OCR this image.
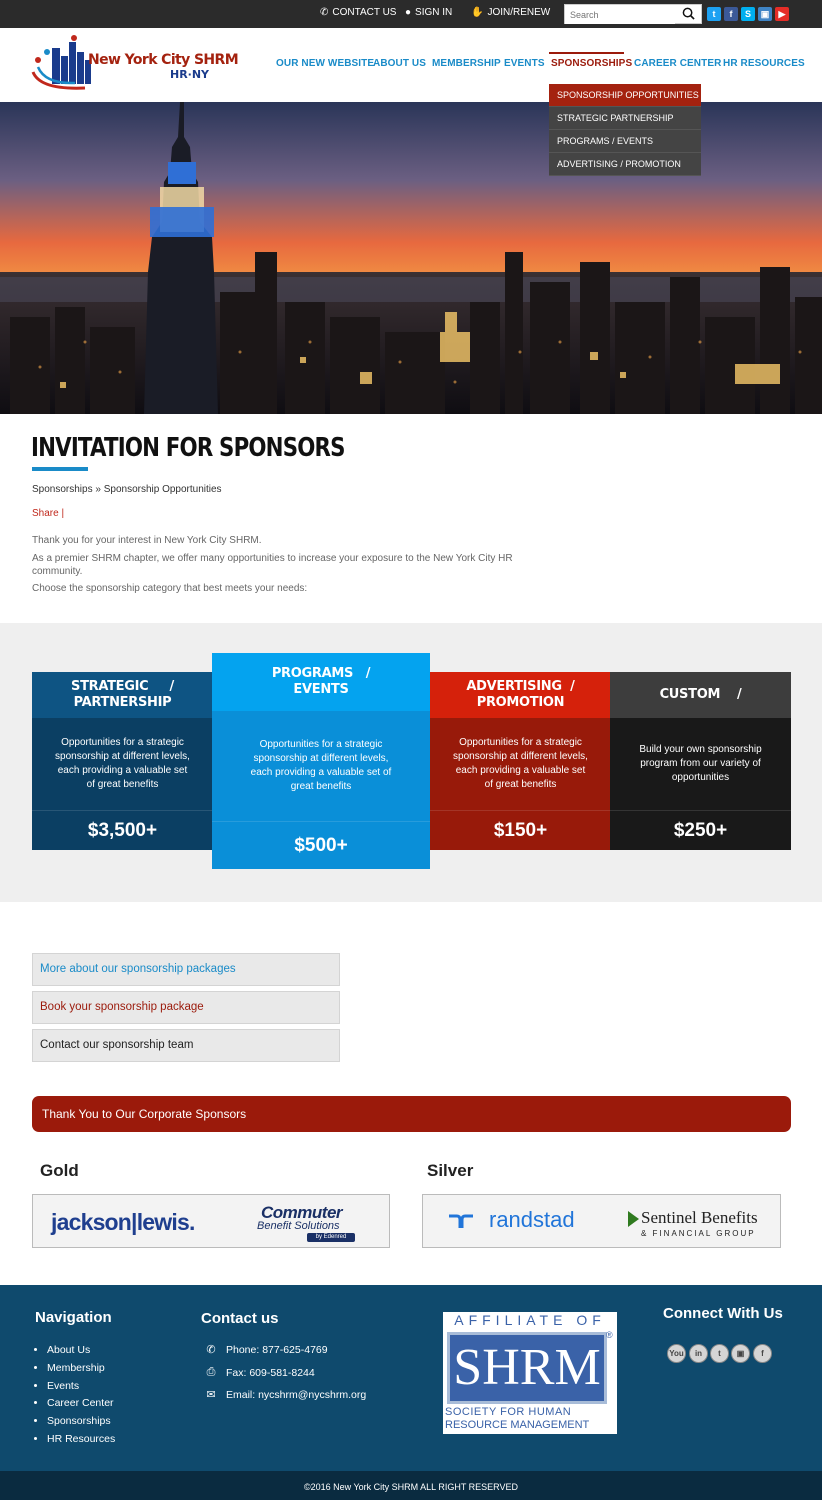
✆ CONTACT US ● SIGN IN ✋ JOIN/RENEW
Search	t	f	S	▣	▶
New York City SHRM
HR·NY
OUR NEW WEBSITE
ABOUT US MEMBERSHIP EVENTS SPONSORSHIPS CAREER CENTER HR RESOURCES
SPONSORSHIP OPPORTUNITIES
STRATEGIC PARTNERSHIP
PROGRAMS / EVENTS
ADVERTISING / PROMOTION
INVITATION FOR SPONSORS
Sponsorships » Sponsorship Opportunities
Share |
Thank you for your interest in New York City SHRM.
As a premier SHRM chapter, we offer many opportunities to increase your exposure to the New York City HR community.
Choose the sponsorship category that best meets your needs:
STRATEGIC     /
PARTNERSHIP
Opportunities for a strategic sponsorship at different levels, each providing a valuable set of great benefits
$3,500+
PROGRAMS   /
EVENTS
Opportunities for a strategic sponsorship at different levels, each providing a valuable set of great benefits
$500+
ADVERTISING  /
PROMOTION
Opportunities for a strategic sponsorship at different levels, each providing a valuable set of great benefits
$150+
CUSTOM    /
Build your own sponsorship program from our variety of opportunities
$250+
More about our sponsorship packages
Book your sponsorship package
Contact our sponsorship team
Thank You to Our Corporate Sponsors
Gold	Silver
jackson|lewis.	Commuter
Benefit Solutions
by Edenred
randstad	Sentinel Benefits
& FINANCIAL GROUP
Navigation
• About Us
• Membership
• Events
• Career Center
• Sponsorships
• HR Resources
Contact us
✆ Phone: 877-625-4769
⎙ Fax: 609-581-8244
✉ Email: nycshrm@nycshrm.org
AFFILIATE OF
SHRM
®
SOCIETY FOR HUMAN
RESOURCE MANAGEMENT
Connect With Us
You	in	t	▣	f
©2016 New York City SHRM ALL RIGHT RESERVED
